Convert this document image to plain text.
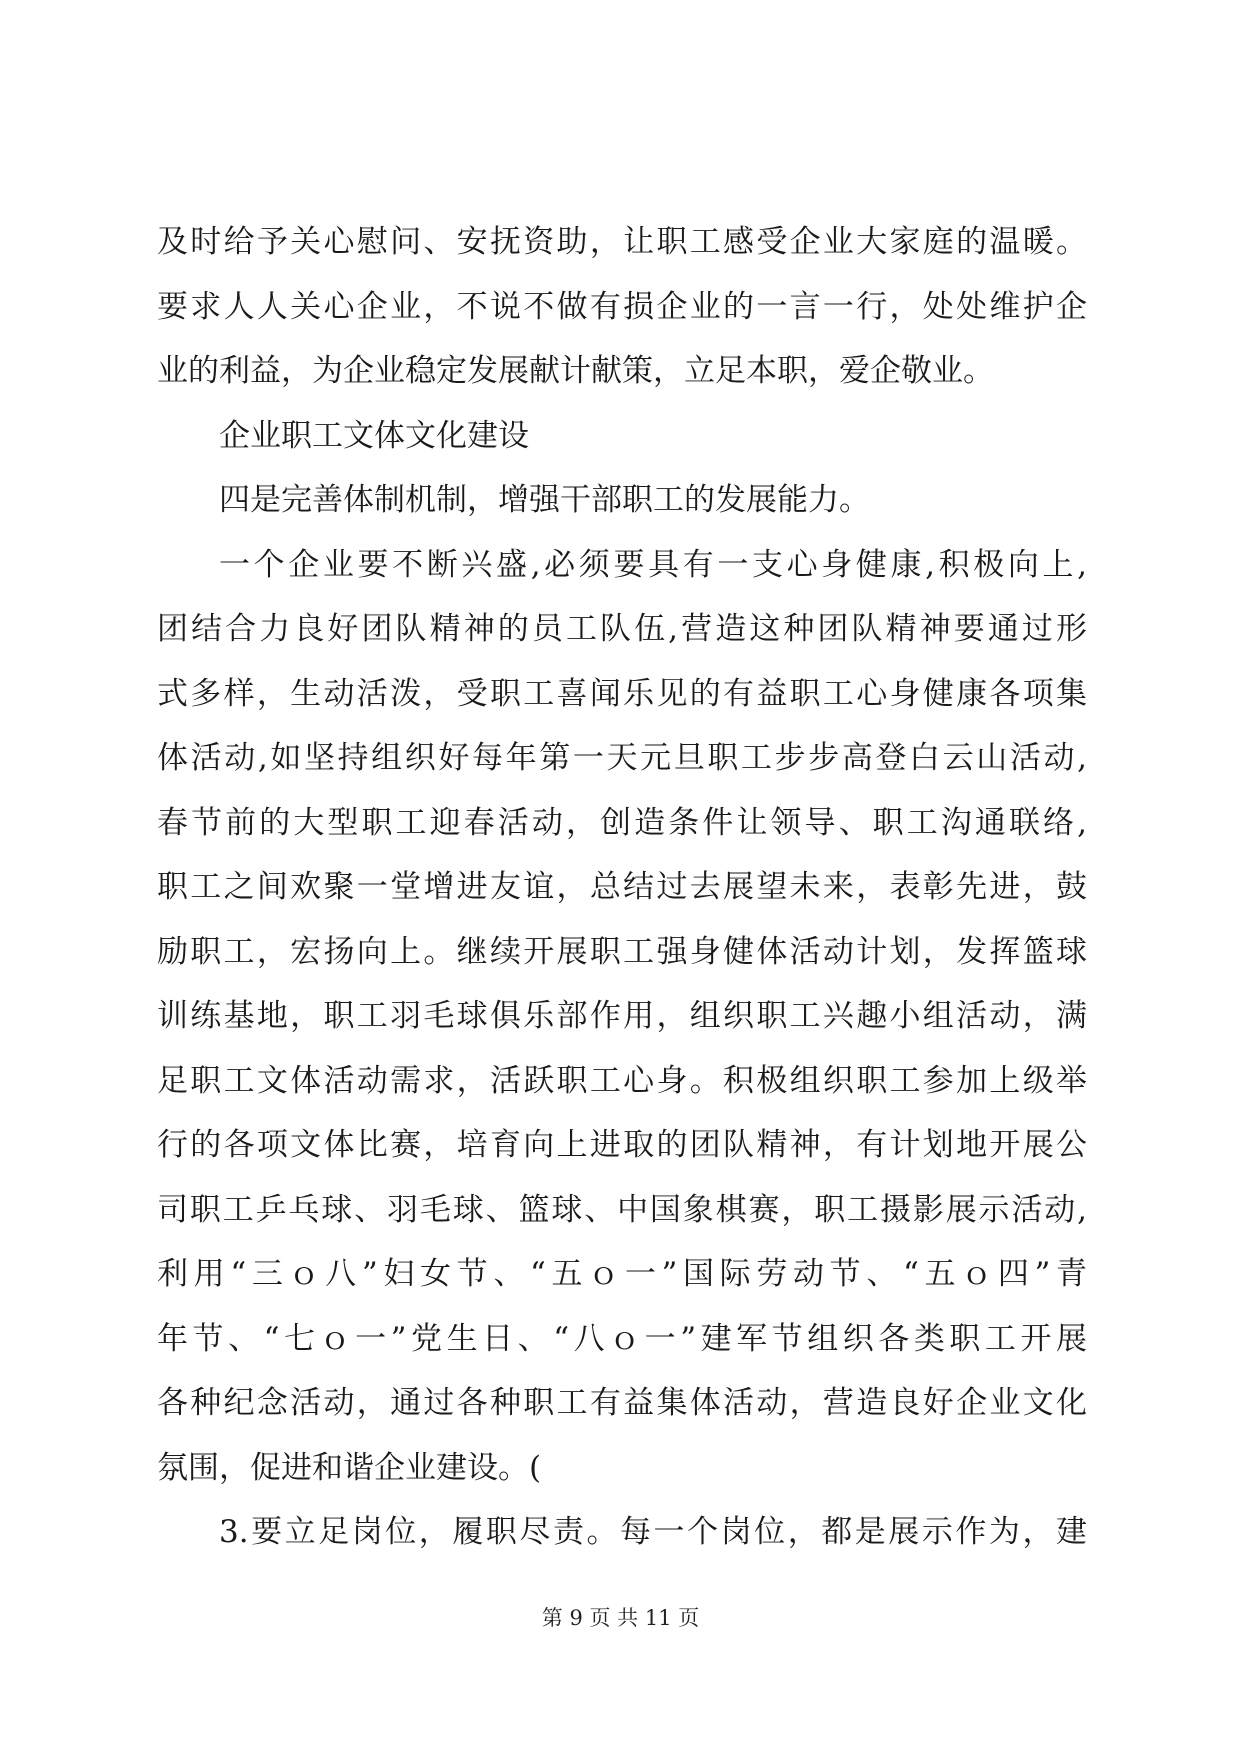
及时给予关心慰问、安抚资助，让职工感受企业大家庭的温暖。
要求人人关心企业，不说不做有损企业的一言一行，处处维护企
业的利益，为企业稳定发展献计献策，立足本职，爱企敬业。
企业职工文体文化建设
四是完善体制机制，增强干部职工的发展能力。
一个企业要不断兴盛,必须要具有一支心身健康,积极向上,
团结合力良好团队精神的员工队伍,营造这种团队精神要通过形
式多样，生动活泼，受职工喜闻乐见的有益职工心身健康各项集
体活动,如坚持组织好每年第一天元旦职工步步高登白云山活动,
春节前的大型职工迎春活动，创造条件让领导、职工沟通联络,
职工之间欢聚一堂增进友谊，总结过去展望未来，表彰先进，鼓
励职工，宏扬向上。继续开展职工强身健体活动计划，发挥篮球
训练基地，职工羽毛球俱乐部作用，组织职工兴趣小组活动，满
足职工文体活动需求，活跃职工心身。积极组织职工参加上级举
行的各项文体比赛，培育向上进取的团队精神，有计划地开展公
司职工乒乓球、羽毛球、篮球、中国象棋赛，职工摄影展示活动,
利用“三ｏ八”妇女节、“五ｏ一”国际劳动节、“五ｏ四”青
年节、“七ｏ一”党生日、“八ｏ一”建军节组织各类职工开展
各种纪念活动，通过各种职工有益集体活动，营造良好企业文化
氛围，促进和谐企业建设。(
3.要立足岗位，履职尽责。每一个岗位，都是展示作为，建
第 9 页 共 11 页
